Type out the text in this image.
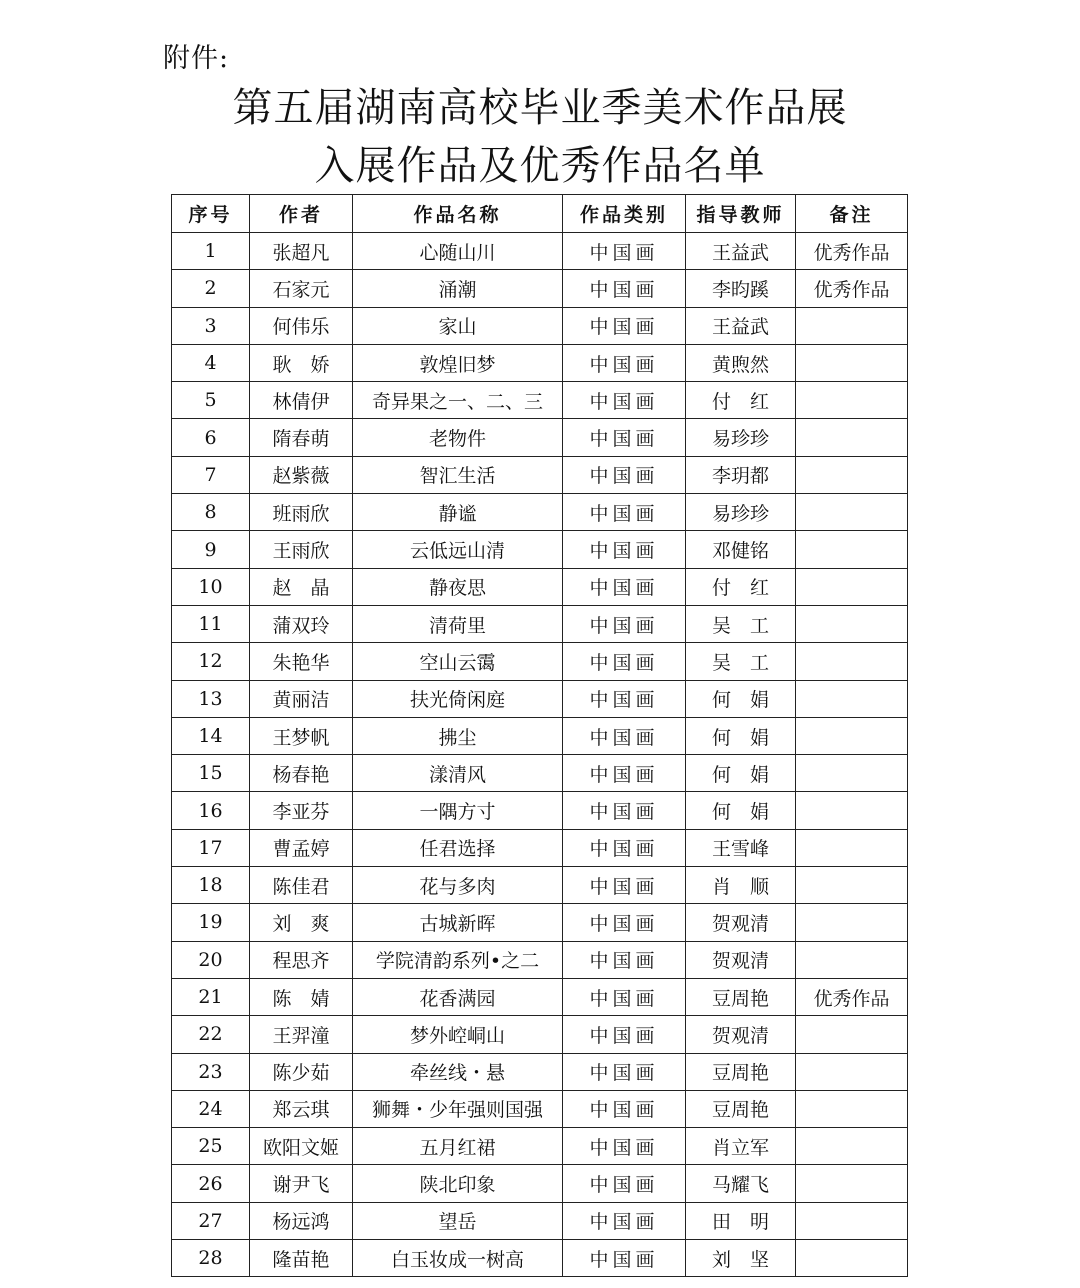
附件:
第五届湖南高校毕业季美术作品展
入展作品及优秀作品名单
序号	作者	作品名称	作品类别	指导教师	备注
1	张超凡	心随山川	中国画	王益武	优秀作品
2	石家元	涌潮	中国画	李昀蹊	优秀作品
3	何伟乐	家山	中国画	王益武	
4	耿　娇	敦煌旧梦	中国画	黄煦然	
5	林倩伊	奇异果之一、二、三	中国画	付　红	
6	隋春萌	老物件	中国画	易珍珍	
7	赵紫薇	智汇生活	中国画	李玥都	
8	班雨欣	静谧	中国画	易珍珍	
9	王雨欣	云低远山清	中国画	邓健铭	
10	赵　晶	静夜思	中国画	付　红	
11	蒲双玲	清荷里	中国画	吴　工	
12	朱艳华	空山云霭	中国画	吴　工	
13	黄丽洁	扶光倚闲庭	中国画	何　娟	
14	王梦帆	拂尘	中国画	何　娟	
15	杨春艳	漾清风	中国画	何　娟	
16	李亚芬	一隅方寸	中国画	何　娟	
17	曹孟婷	任君选择	中国画	王雪峰	
18	陈佳君	花与多肉	中国画	肖　顺	
19	刘　爽	古城新晖	中国画	贺观清	
20	程思齐	学院清韵系列•之二	中国画	贺观清	
21	陈　婧	花香满园	中国画	豆周艳	优秀作品
22	王羿潼	梦外崆峒山	中国画	贺观清	
23	陈少茹	牵丝线・悬	中国画	豆周艳	
24	郑云琪	狮舞・少年强则国强	中国画	豆周艳	
25	欧阳文姬	五月红裙	中国画	肖立军	
26	谢尹飞	陕北印象	中国画	马耀飞	
27	杨远鸿	望岳	中国画	田　明	
28	隆苗艳	白玉妆成一树高	中国画	刘　坚	
